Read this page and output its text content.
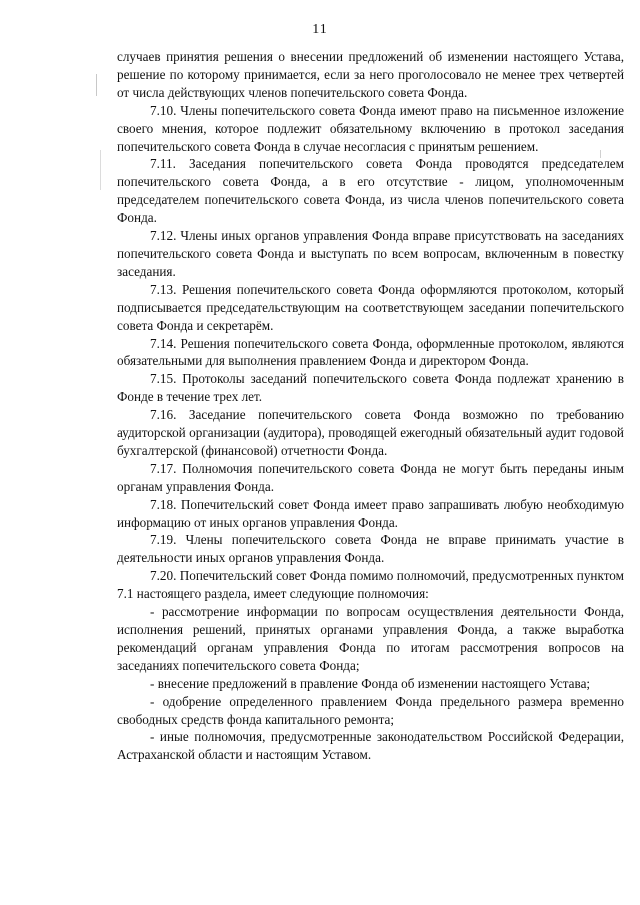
11

случаев принятия решения о внесении предложений об изменении настоящего Устава, решение по которому принимается, если за него проголосовало не менее трех четвертей от числа действующих членов попечительского совета Фонда.

7.10. Члены попечительского совета Фонда имеют право на письменное изложение своего мнения, которое подлежит обязательному включению в протокол заседания попечительского совета Фонда в случае несогласия с принятым решением.

7.11. Заседания попечительского совета Фонда проводятся председателем попечительского совета Фонда, а в его отсутствие - лицом, уполномоченным председателем попечительского совета Фонда, из числа членов попечительского совета Фонда.

7.12. Члены иных органов управления Фонда вправе присутствовать на заседаниях попечительского совета Фонда и выступать по всем вопросам, включенным в повестку заседания.

7.13. Решения попечительского совета Фонда оформляются протоколом, который подписывается председательствующим на соответствующем заседании попечительского совета Фонда и секретарём.

7.14. Решения попечительского совета Фонда, оформленные протоколом, являются обязательными для выполнения правлением Фонда и директором Фонда.

7.15. Протоколы заседаний попечительского совета Фонда подлежат хранению в Фонде в течение трех лет.

7.16. Заседание попечительского совета Фонда возможно по требованию аудиторской организации (аудитора), проводящей ежегодный обязательный аудит годовой бухгалтерской (финансовой) отчетности Фонда.

7.17. Полномочия попечительского совета Фонда не могут быть переданы иным органам управления Фонда.

7.18. Попечительский совет Фонда имеет право запрашивать любую необходимую информацию от иных органов управления Фонда.

7.19. Члены попечительского совета Фонда не вправе принимать участие в деятельности иных органов управления Фонда.

7.20. Попечительский совет Фонда помимо полномочий, предусмотренных пунктом 7.1 настоящего раздела, имеет следующие полномочия:

- рассмотрение информации по вопросам осуществления деятельности Фонда, исполнения решений, принятых органами управления Фонда, а также выработка рекомендаций органам управления Фонда по итогам рассмотрения вопросов на заседаниях попечительского совета Фонда;

- внесение предложений в правление Фонда об изменении настоящего Устава;

- одобрение определенного правлением Фонда предельного размера временно свободных средств фонда капитального ремонта;

- иные полномочия, предусмотренные законодательством Российской Федерации, Астраханской области и настоящим Уставом.
